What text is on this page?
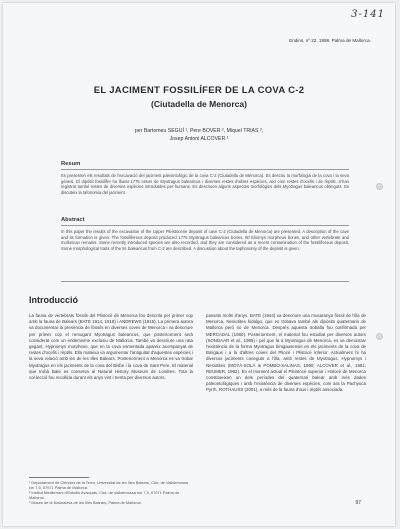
3-141
Endins, nº 22. 1998. Palma de Mallorca.
EL JACIMENT FOSSILÍFER DE LA COVA C-2
(Ciutadella de Menorca)
per Bartomeu SEGUÍ ¹, Pere BOVER ², Miquel TRIAS ³,
Josep Antoni ALCOVER ²
Resum
Es presenten els resultats de l'excavació del jaciment paleontològic de la cova C-2 (Ciutadella de Menorca). Es descriu la morfologia de la cova i la seva gènesi. El dipòsit fossilífer ha lliurat 1775 ossos de Myotragus balearicus i diverses restes d'altres espècies, així com restes d'ocells i de rèptils. S'han registrat també restes de diverses espècies introduïdes per humans. Es descriuen alguns aspectes morfològics dels Myotragus balearicus obtinguts. Es discuteix la tafonomia del jaciment.
Abstract
In this paper the results of the excavation of the Upper Pleistocene deposit of cave C-2 (Ciutadella de Menorca) are presented. A description of the cave and its formation is given. The fossiliferous deposit produced 1775 Myotragus balearicus bones, 60 Eliomys morpheus bones, and other vertebrate and molluscan remains. Some recently introduced species are also recorded, and they are considered as a recent contamination of the fossiliferous deposit. Some morphological traits of the M. balearicus from C-2 are described. A discussion about the taphonomy of the deposit is given.
Introducció
La fauna de vertebrats fòssils del Plistocè de Menorca fou descrita per primer cop amb la fauna de Balears (BATE 1914, 1918) i ANDREWS (1915). La primera autora va documentar la presència de fòssils en diverses coves de Menorca i va descriure per primer cop el remugant Myotragus balearicus, que posteriorment serà considerat com un endemisme exclusiu de Mallorca. També va descriure una rata gegant, Hypnomys morpheus, que en la cova esmentada apareix acompanyat de restes d'ocells i rèptils. Ella mateixa va argumentar l'antiguitat d'aquestes espècies i la seva relació amb les de les Illes Balears. Posteriorment a Menorca es va trobar Myotragus en els jaciments de la cova del Bisbe i la cova de Sant Pere. El material que trobà Bate es conserva al Natural History Museum de Londres. Tota la col·lecció fou recollida durant els anys vint i trenta per diversos autors.
passats molts d'anys. BATE (1944) va descriure una musaranya fòssil de l'illa de Menorca, Nesiotites hidalgo, que es trobava també als dipòsits quaternaris de Mallorca però no de Menorca. Després aquesta troballa fou confirmada per MERCADAL (1960). Posteriorment, el material fou estudiat per diversos autors (SONDAAR et al., 1995) i pel que fa a Myotragus de Menorca, es va demostrar l'existència de la forma Myotragus binigausensis en els jaciments de la cova de Binigaus i a la d'altres coves del Pliocè i Plistocè inferior. Actualment hi ha diversos jaciments coneguts a l'illa, amb restes de Myotragus, Hypnomys i Nesiotites (MOYÀ-SOLÀ & POMBO-SALINAS, 1990; ALCOVER et al., 1981; REUMER, 1982). En el moment actual el Pleistocè superior i Holocè de Menorca constitueixen un dels períodes del quaternari balear amb més dades paleontològiques i amb l'existència de diverses espècies, com ara la Pachyuca Pyrrh, ROTHAUSS (2001), a més de la fauna d'aus i rèptils associada.
¹ Departament de Ciències de la Terra, Universitat de les Illes Balears, Ctra. de Valldemossa km 7,5, 07071 Palma de Mallorca.
² Institut Mediterrani d'Estudis Avançats, Ctra. de Valldemossa km 7,5, 07071 Palma de Mallorca.
³ Museu de la Naturalesa de les Illes Balears, Palma de Mallorca.	97
